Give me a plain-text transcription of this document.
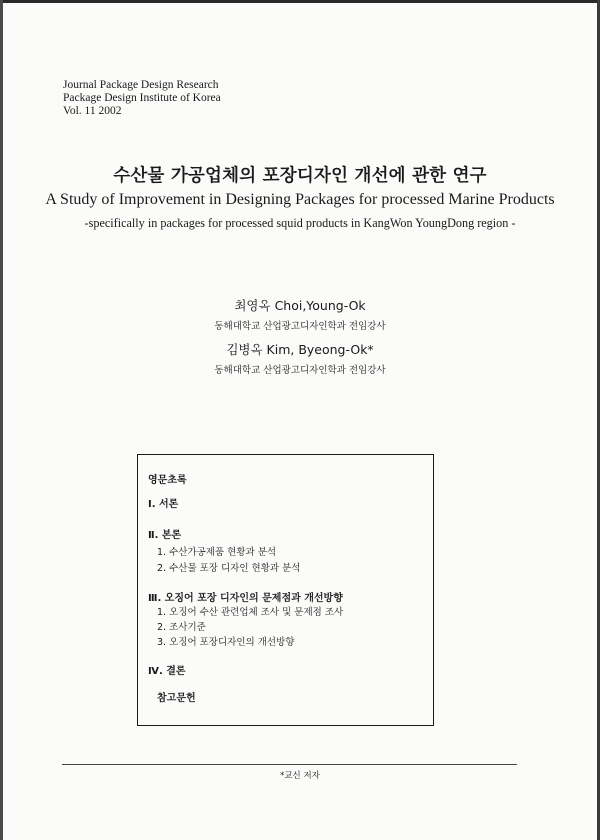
Journal Package Design Research
Package Design Institute of Korea
Vol. 11 2002
수산물 가공업체의 포장디자인 개선에 관한 연구
A Study of Improvement in Designing Packages for processed Marine Products
-specifically in packages for processed squid products in KangWon YoungDong region -
최영옥 Choi,Young-Ok
동해대학교 산업광고디자인학과 전임강사
김병옥 Kim, Byeong-Ok*
동해대학교 산업광고디자인학과 전임강사
영문초록
Ⅰ. 서론
Ⅱ. 본론
1. 수산가공제품 현황과 분석
2. 수산물 포장 디자인 현황과 분석
Ⅲ. 오징어 포장 디자인의 문제점과 개선방향
1. 오징어 수산 관련업체 조사 및 문제점 조사
2. 조사기준
3. 오징어 포장디자인의 개선방향
Ⅳ. 결론
참고문헌
*교신 저자
